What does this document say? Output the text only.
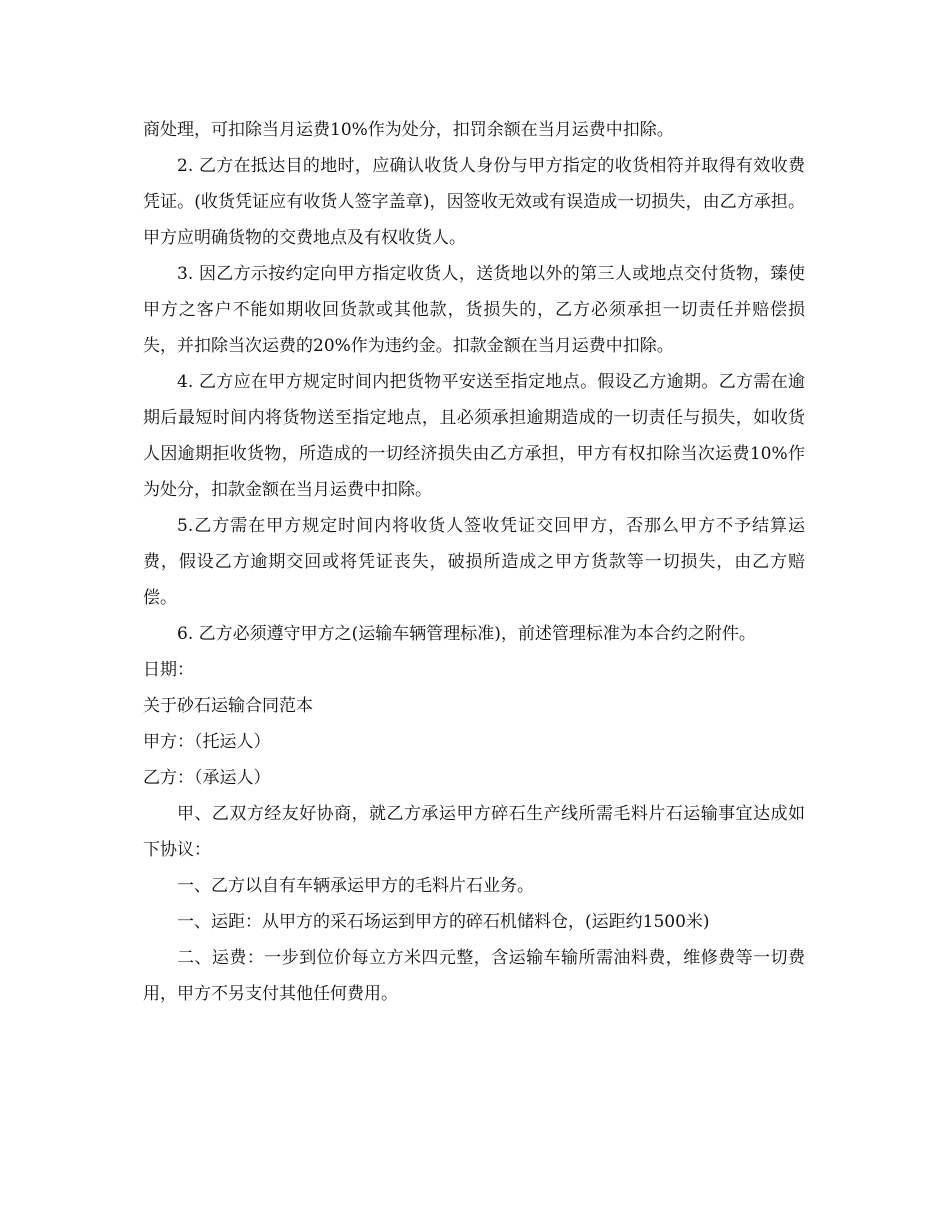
商处理，可扣除当月运费10%作为处分，扣罚余额在当月运费中扣除。

2. 乙方在抵达目的地时，应确认收货人身份与甲方指定的收货相符并取得有效收费凭证。(收货凭证应有收货人签字盖章)，因签收无效或有误造成一切损失，由乙方承担。甲方应明确货物的交费地点及有权收货人。

3. 因乙方示按约定向甲方指定收货人，送货地以外的第三人或地点交付货物，臻使甲方之客户不能如期收回货款或其他款，货损失的，乙方必须承担一切责任并赔偿损失，并扣除当次运费的20%作为违约金。扣款金额在当月运费中扣除。

4. 乙方应在甲方规定时间内把货物平安送至指定地点。假设乙方逾期。乙方需在逾期后最短时间内将货物送至指定地点，且必须承担逾期造成的一切责任与损失，如收货人因逾期拒收货物，所造成的一切经济损失由乙方承担，甲方有权扣除当次运费10%作为处分，扣款金额在当月运费中扣除。

5.乙方需在甲方规定时间内将收货人签收凭证交回甲方，否那么甲方不予结算运费，假设乙方逾期交回或将凭证丧失，破损所造成之甲方货款等一切损失，由乙方赔偿。

6. 乙方必须遵守甲方之(运输车辆管理标准)，前述管理标准为本合约之附件。

日期：

关于砂石运输合同范本

甲方：（托运人）

乙方：（承运人）

甲、乙双方经友好协商，就乙方承运甲方碎石生产线所需毛料片石运输事宜达成如下协议：

一、乙方以自有车辆承运甲方的毛料片石业务。

一、运距：从甲方的采石场运到甲方的碎石机储料仓，(运距约1500米)

二、运费：一步到位价每立方米四元整，含运输车输所需油料费，维修费等一切费用，甲方不另支付其他任何费用。
